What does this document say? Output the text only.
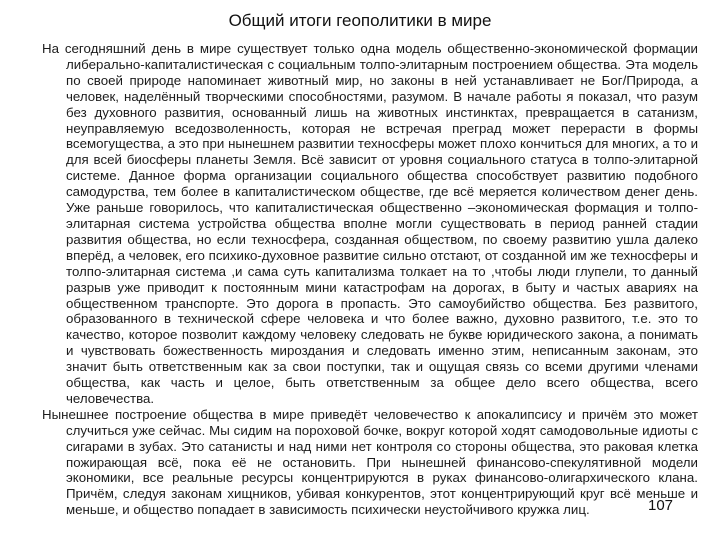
Общий итоги геополитики в мире

На сегодняшний день в мире существует только одна модель общественно-экономической формации либерально-капиталистическая с социальным толпо-элитарным построением общества. Эта модель по своей природе напоминает животный мир, но законы в ней устанавливает не Бог/Природа, а человек, наделённый творческими способностями, разумом. В начале работы я показал, что разум без духовного развития, основанный лишь на животных инстинктах, превращается в сатанизм, неуправляемую вседозволенность, которая не встречая преград может перерасти в формы всемогущества, а это при нынешнем развитии техносферы может плохо кончиться для многих, а то и для всей биосферы планеты Земля. Всё зависит от уровня социального статуса в толпо-элитарной системе. Данное форма организации социального общества способствует развитию подобного самодурства, тем более в капиталистическом обществе, где всё меряется количеством денег день. Уже раньше говорилось, что капиталистическая общественно –экономическая формация и толпо-элитарная система устройства общества вполне могли существовать в период ранней стадии развития общества, но если техносфера, созданная обществом, по своему развитию ушла далеко вперёд, а человек, его психико-духовное развитие сильно отстают, от созданной им же техносферы и толпо-элитарная система ,и сама суть капитализма толкает на то ,чтобы люди глупели, то данный разрыв уже приводит к постоянным мини катастрофам на дорогах, в быту и частых авариях на общественном транспорте. Это дорога в пропасть. Это самоубийство общества. Без развитого, образованного в технической сфере человека и что более важно, духовно развитого, т.е. это то качество, которое позволит каждому человеку следовать не букве юридического закона, а понимать и чувствовать божественность мироздания и следовать именно этим, неписанным законам, это значит быть ответственным как за свои поступки, так и ощущая связь со всеми другими членами общества, как часть и целое, быть ответственным за общее дело всего общества, всего человечества.

Нынешнее построение общества в мире приведёт человечество к апокалипсису и причём это может случиться уже сейчас. Мы сидим на пороховой бочке, вокруг которой ходят самодовольные идиоты с сигарами в зубах. Это сатанисты и над ними нет контроля со стороны общества, это раковая клетка пожирающая всё, пока её не остановить. При нынешней финансово-спекулятивной модели экономики, все реальные ресурсы концентрируются в руках финансово-олигархического клана. Причём, следуя законам хищников, убивая конкурентов, этот концентрирующий круг всё меньше и меньше, и общество попадает в зависимость психически неустойчивого кружка лиц.	107
